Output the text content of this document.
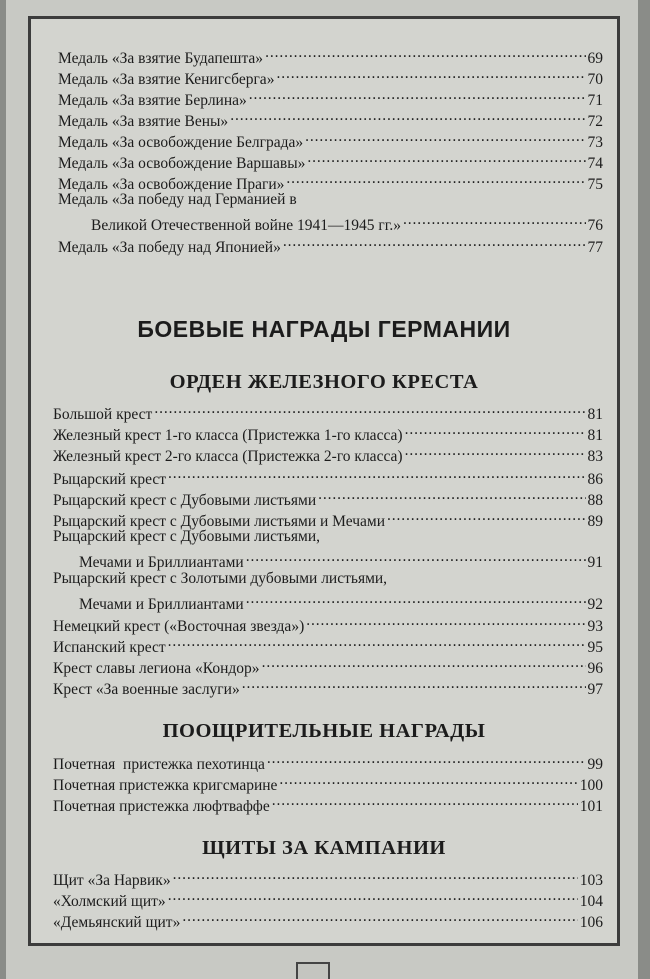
Медаль «За взятие Будапешта» . . .	69
Медаль «За взятие Кенигсберга» . . .	70
Медаль «За взятие Берлина» . . .	71
Медаль «За взятие Вены» . . .	72
Медаль «За освобождение Белграда» . . .	73
Медаль «За освобождение Варшавы» . . .	74
Медаль «За освобождение Праги» . . .	75
Медаль «За победу над Германией в
Великой Отечественной войне 1941—1945 гг.» . . .	76
Медаль «За победу над Японией» . . .	77
БОЕВЫЕ НАГРАДЫ ГЕРМАНИИ
ОРДЕН ЖЕЛЕЗНОГО КРЕСТА
Большой крест . . .	81
Железный крест 1-го класса (Пристежка 1-го класса) . . .	81
Железный крест 2-го класса (Пристежка 2-го класса) . . .	83
Рыцарский крест . . .	86
Рыцарский крест с Дубовыми листьями . . .	88
Рыцарский крест с Дубовыми листьями и Мечами . . .	89
Рыцарский крест с Дубовыми листьями,
Мечами и Бриллиантами . . .	91
Рыцарский крест с Золотыми дубовыми листьями,
Мечами и Бриллиантами . . .	92
Немецкий крест («Восточная звезда») . . .	93
Испанский крест . . .	95
Крест славы легиона «Кондор» . . .	96
Крест «За военные заслуги» . . .	97
ПООЩРИТЕЛЬНЫЕ НАГРАДЫ
Почетная  пристежка пехотинца . . .	99
Почетная пристежка кригсмарине . . .	100
Почетная пристежка люфтваффе . . .	101
ЩИТЫ ЗА КАМПАНИИ
Щит «За Нарвик» . . .	103
«Холмский щит» . . .	104
«Демьянский щит» . . .	106
